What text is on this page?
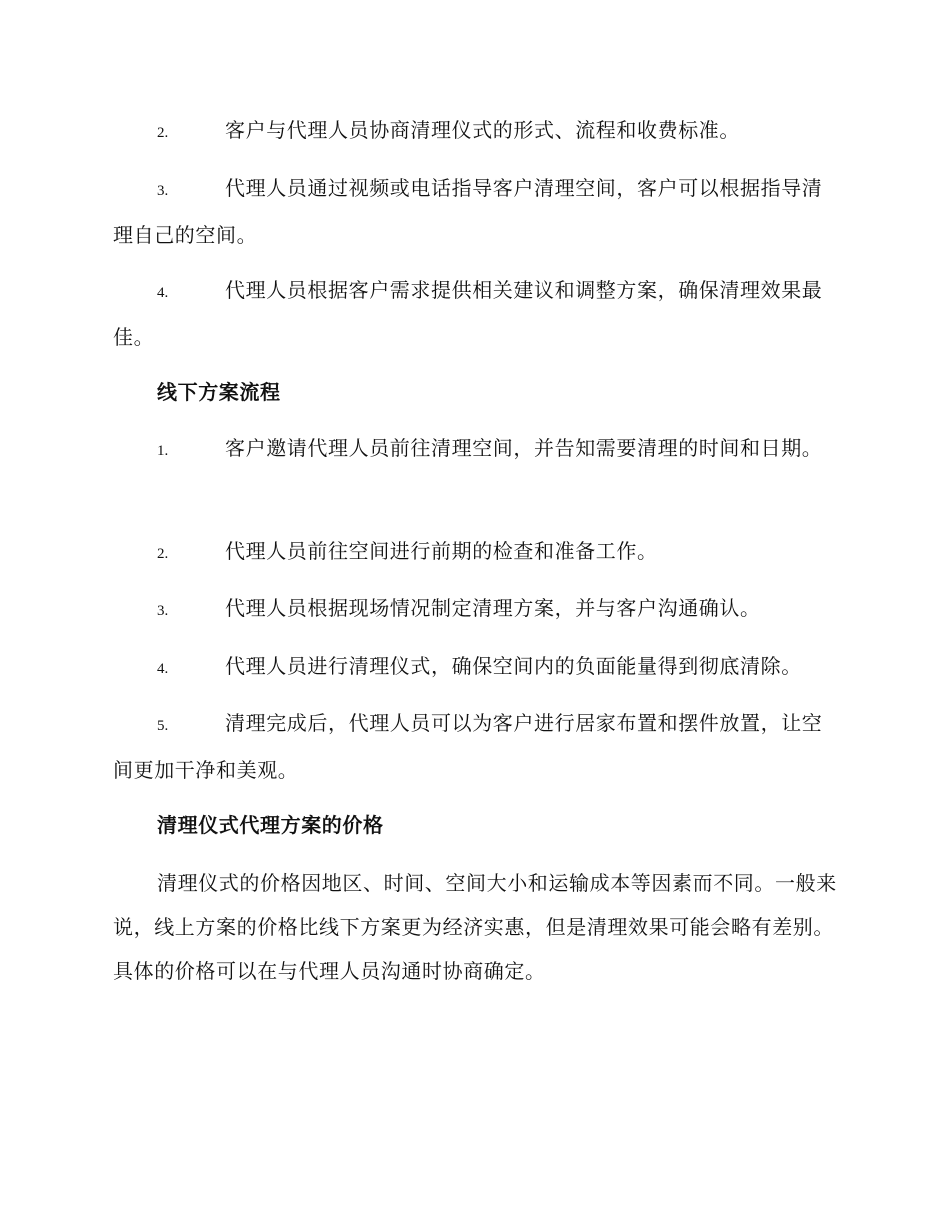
2.	客户与代理人员协商清理仪式的形式、流程和收费标准。
3.	代理人员通过视频或电话指导客户清理空间，客户可以根据指导清理自己的空间。
4.	代理人员根据客户需求提供相关建议和调整方案，确保清理效果最佳。
线下方案流程
1.	客户邀请代理人员前往清理空间，并告知需要清理的时间和日期。
2.	代理人员前往空间进行前期的检查和准备工作。
3.	代理人员根据现场情况制定清理方案，并与客户沟通确认。
4.	代理人员进行清理仪式，确保空间内的负面能量得到彻底清除。
5.	清理完成后，代理人员可以为客户进行居家布置和摆件放置，让空间更加干净和美观。
清理仪式代理方案的价格
清理仪式的价格因地区、时间、空间大小和运输成本等因素而不同。一般来说，线上方案的价格比线下方案更为经济实惠，但是清理效果可能会略有差别。具体的价格可以在与代理人员沟通时协商确定。
